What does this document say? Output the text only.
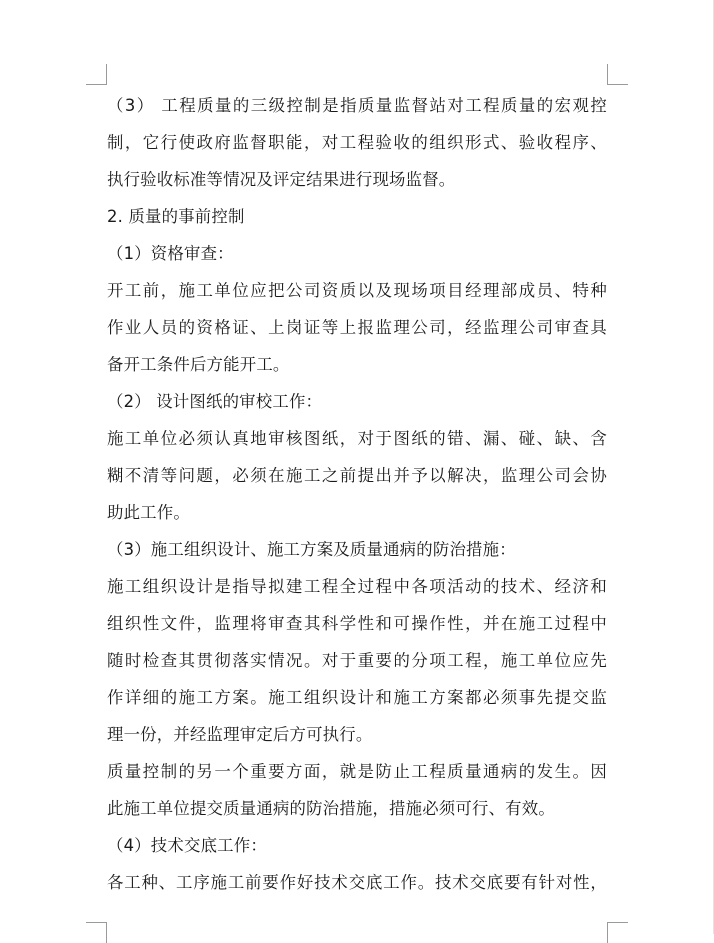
（3） 工程质量的三级控制是指质量监督站对工程质量的宏观控
制，它行使政府监督职能，对工程验收的组织形式、验收程序、
执行验收标准等情况及评定结果进行现场监督。
2. 质量的事前控制
（1）资格审查：
开工前，施工单位应把公司资质以及现场项目经理部成员、特种
作业人员的资格证、上岗证等上报监理公司，经监理公司审查具
备开工条件后方能开工。
（2） 设计图纸的审校工作：
施工单位必须认真地审核图纸，对于图纸的错、漏、碰、缺、含
糊不清等问题，必须在施工之前提出并予以解决，监理公司会协
助此工作。
（3）施工组织设计、施工方案及质量通病的防治措施：
施工组织设计是指导拟建工程全过程中各项活动的技术、经济和
组织性文件，监理将审查其科学性和可操作性，并在施工过程中
随时检查其贯彻落实情况。对于重要的分项工程，施工单位应先
作详细的施工方案。施工组织设计和施工方案都必须事先提交监
理一份，并经监理审定后方可执行。
质量控制的另一个重要方面，就是防止工程质量通病的发生。因
此施工单位提交质量通病的防治措施，措施必须可行、有效。
（4）技术交底工作：
各工种、工序施工前要作好技术交底工作。技术交底要有针对性，
